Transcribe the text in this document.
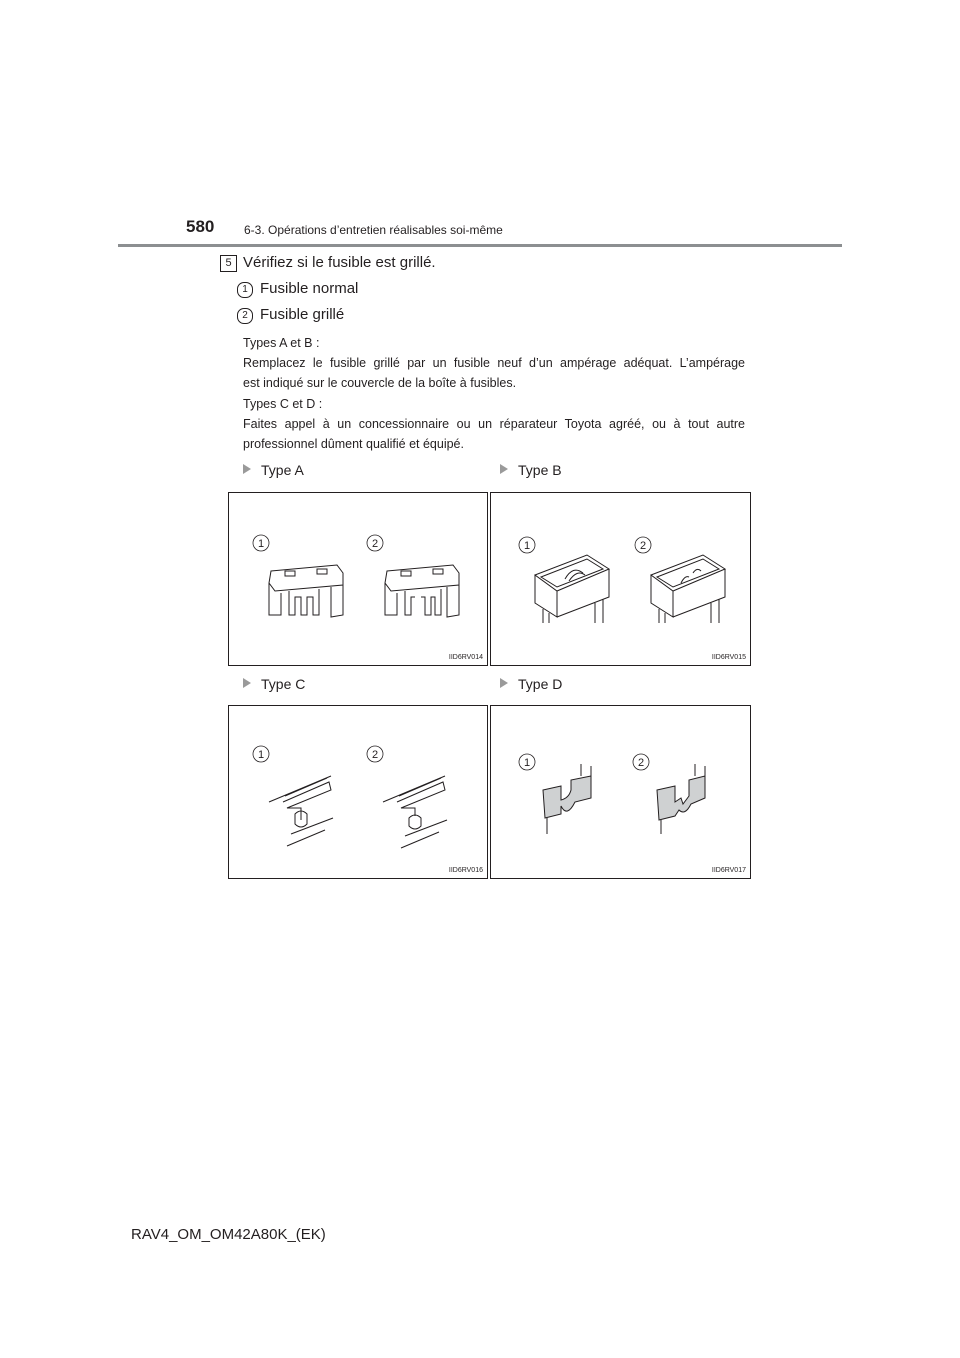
580 6-3. Opérations d’entretien réalisables soi-même
5 Vérifiez si le fusible est grillé.
1 Fusible normal
2 Fusible grillé
Types A et B :
Remplacez le fusible grillé par un fusible neuf d’un ampérage adéquat. L’ampérage
est indiqué sur le couvercle de la boîte à fusibles.
Types C et D :
Faites appel à un concessionnaire ou un réparateur Toyota agréé, ou à tout autre
professionnel dûment qualifié et équipé.
Type A	Type B
Type C	Type D
1	2
IID6RV014
1	2
IID6RV015
1	2
IID6RV016
1	2
IID6RV017
RAV4_OM_OM42A80K_(EK)
